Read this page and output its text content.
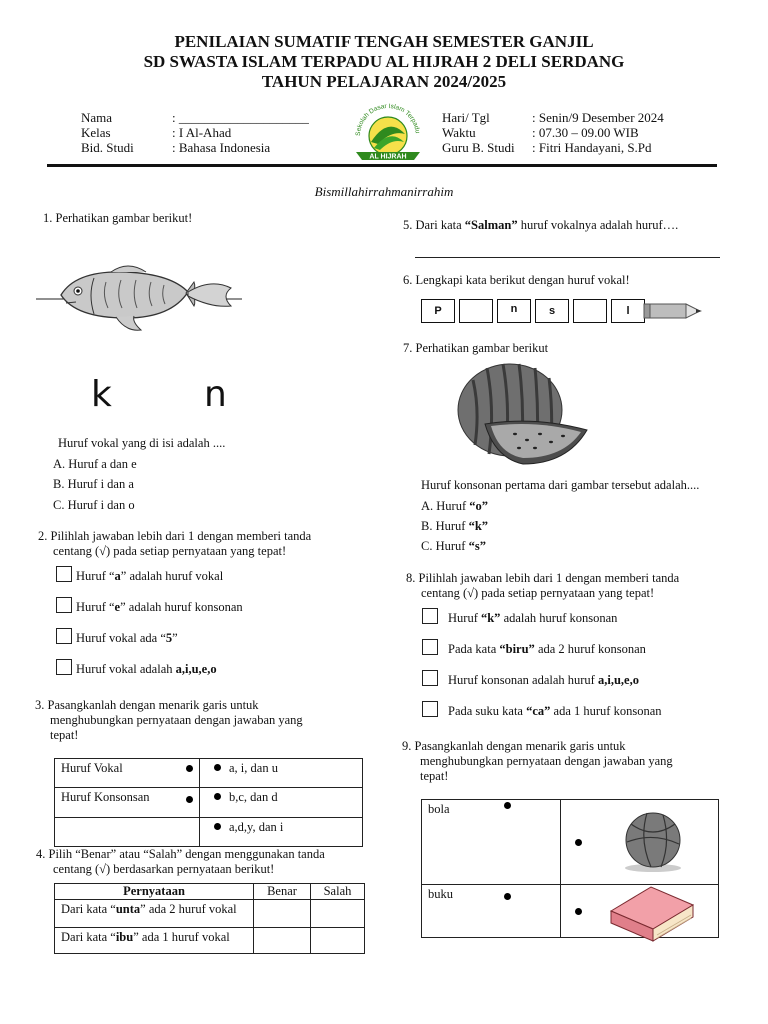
PENILAIAN SUMATIF TENGAH SEMESTER GANJIL
SD SWASTA ISLAM TERPADU AL HIJRAH 2 DELI SERDANG
TAHUN PELAJARAN 2024/2025
Nama	: ____________________
Kelas	: I Al-Ahad
Bid. Studi	: Bahasa Indonesia
Sekolah Dasar Islam Terpadu
AL HIJRAH
Hari/ Tgl	: Senin/9 Desember 2024
Waktu	: 07.30 – 09.00 WIB
Guru B. Studi : Fitri Handayani, S.Pd
Bismillahirrahmanirrahim
1. Perhatikan gambar berikut!
k	n
Huruf vokal yang di isi adalah ....
A. Huruf a dan e
B. Huruf i dan a
C. Huruf i dan o
2. Pilihlah jawaban lebih dari 1 dengan memberi tanda
centang (√) pada setiap pernyataan yang tepat!
Huruf “a” adalah huruf vokal
Huruf “e” adalah huruf konsonan
Huruf vokal ada “5”
Huruf vokal adalah a,i,u,e,o
3. Pasangkanlah dengan menarik garis untuk
menghubungkan pernyataan dengan jawaban yang
tepat!
Huruf Vokal	a, i, dan u
Huruf Konsonsan	b,c, dan d
	a,d,y, dan i
4. Pilih “Benar” atau “Salah” dengan menggunakan tanda
centang (√) berdasarkan pernyataan berikut!
Pernyataan	Benar	Salah
Dari kata “unta” ada 2 huruf vokal		
Dari kata “ibu” ada 1 huruf vokal		
5. Dari kata “Salman” huruf vokalnya adalah huruf….
6. Lengkapi kata berikut dengan huruf vokal!
P	n	s	l
7. Perhatikan gambar berikut
Huruf konsonan pertama dari gambar tersebut adalah....
A. Huruf “o”
B. Huruf “k”
C. Huruf “s”
8. Pilihlah jawaban lebih dari 1 dengan memberi tanda
centang (√) pada setiap pernyataan yang tepat!
Huruf “k” adalah huruf konsonan
Pada kata “biru” ada 2 huruf konsonan
Huruf konsonan adalah huruf a,i,u,e,o
Pada suku kata “ca” ada 1 huruf konsonan
9. Pasangkanlah dengan menarik garis untuk
menghubungkan pernyataan dengan jawaban yang
tepat!
bola

buku
